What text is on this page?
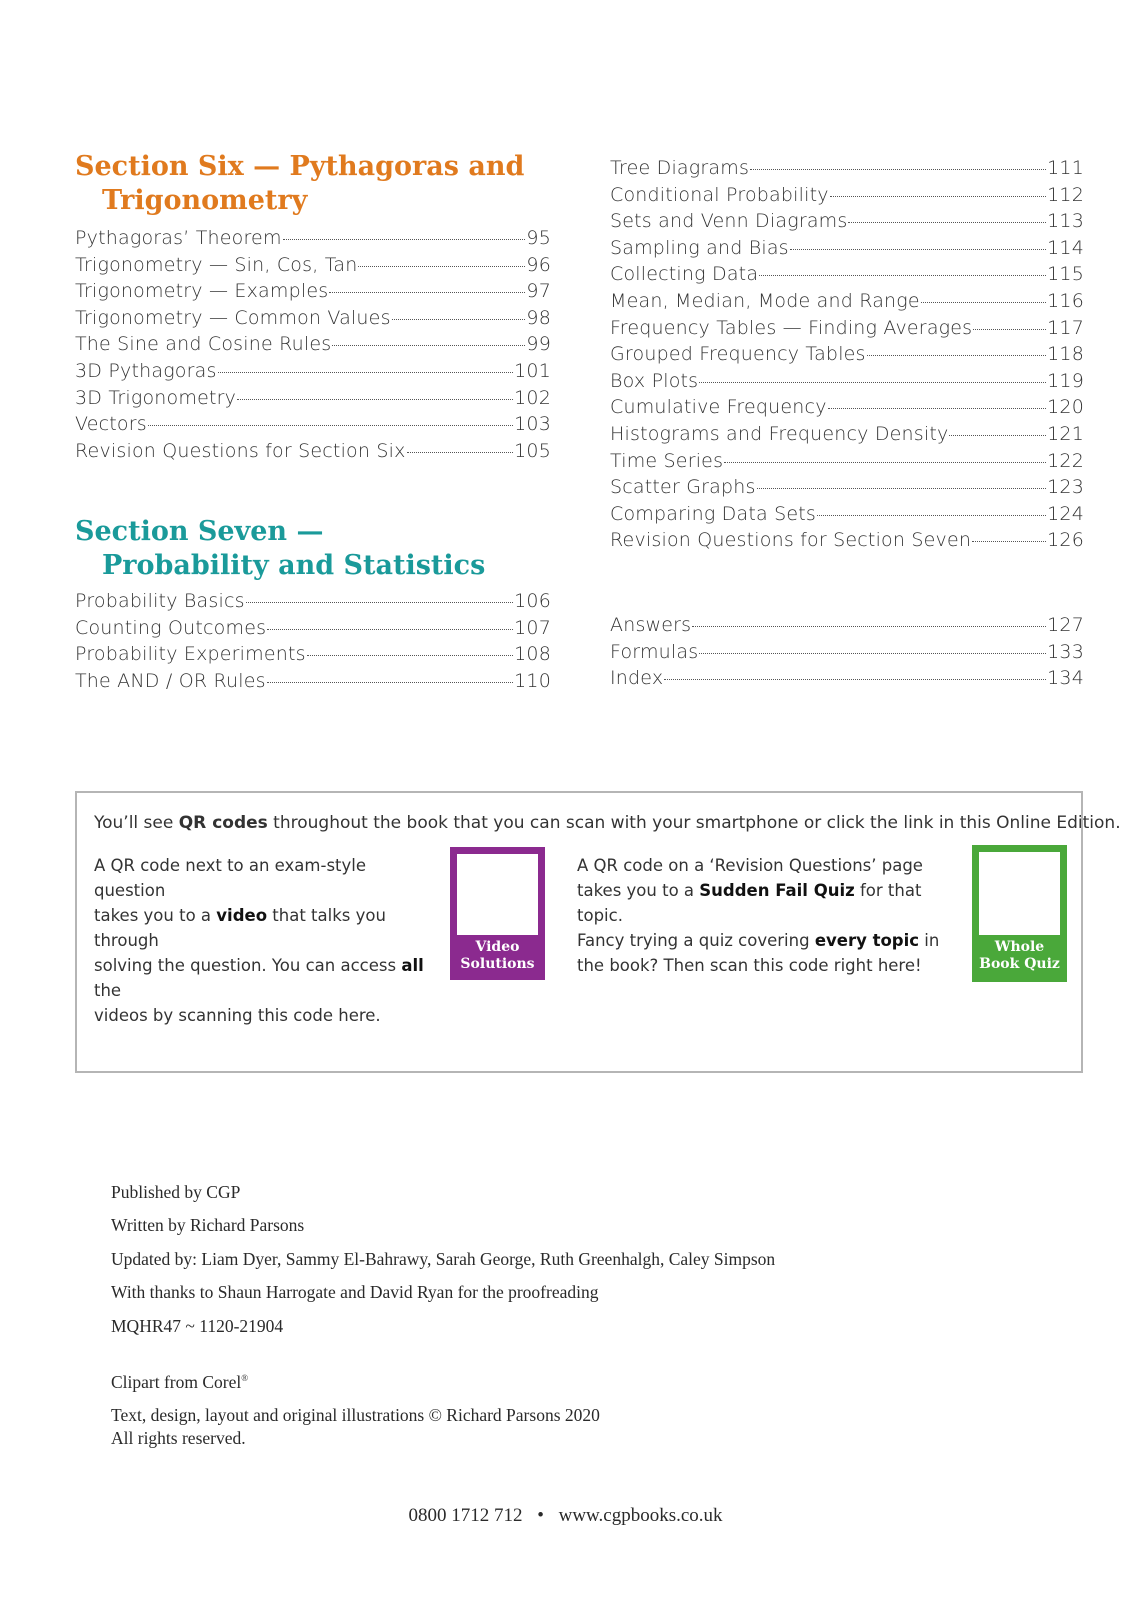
Section Six — Pythagoras and
Trigonometry
Pythagoras’ Theorem	95
Trigonometry — Sin, Cos, Tan	96
Trigonometry — Examples	97
Trigonometry — Common Values	98
The Sine and Cosine Rules	99
3D Pythagoras	101
3D Trigonometry	102
Vectors	103
Revision Questions for Section Six	105
Section Seven —
Probability and Statistics
Probability Basics	106
Counting Outcomes	107
Probability Experiments	108
The AND / OR Rules	110
Tree Diagrams	111
Conditional Probability	112
Sets and Venn Diagrams	113
Sampling and Bias	114
Collecting Data	115
Mean, Median, Mode and Range	116
Frequency Tables — Finding Averages	117
Grouped Frequency Tables	118
Box Plots	119
Cumulative Frequency	120
Histograms and Frequency Density	121
Time Series	122
Scatter Graphs	123
Comparing Data Sets	124
Revision Questions for Section Seven	126
Answers	127
Formulas	133
Index	134
You’ll see QR codes throughout the book that you can scan with your smartphone or click the link in this Online Edition.
A QR code next to an exam-style question
takes you to a video that talks you through
solving the question. You can access all the
videos by scanning this code here.
Video
Solutions
A QR code on a ‘Revision Questions’ page
takes you to a Sudden Fail Quiz for that topic.
Fancy trying a quiz covering every topic in
the book? Then scan this code right here!
Whole
Book Quiz
Published by CGP
Written by Richard Parsons
Updated by: Liam Dyer, Sammy El-Bahrawy, Sarah George, Ruth Greenhalgh, Caley Simpson
With thanks to Shaun Harrogate and David Ryan for the proofreading
MQHR47 ~ 1120-21904
Clipart from Corel®
Text, design, layout and original illustrations © Richard Parsons 2020
All rights reserved.
0800 1712 712 • www.cgpbooks.co.uk
